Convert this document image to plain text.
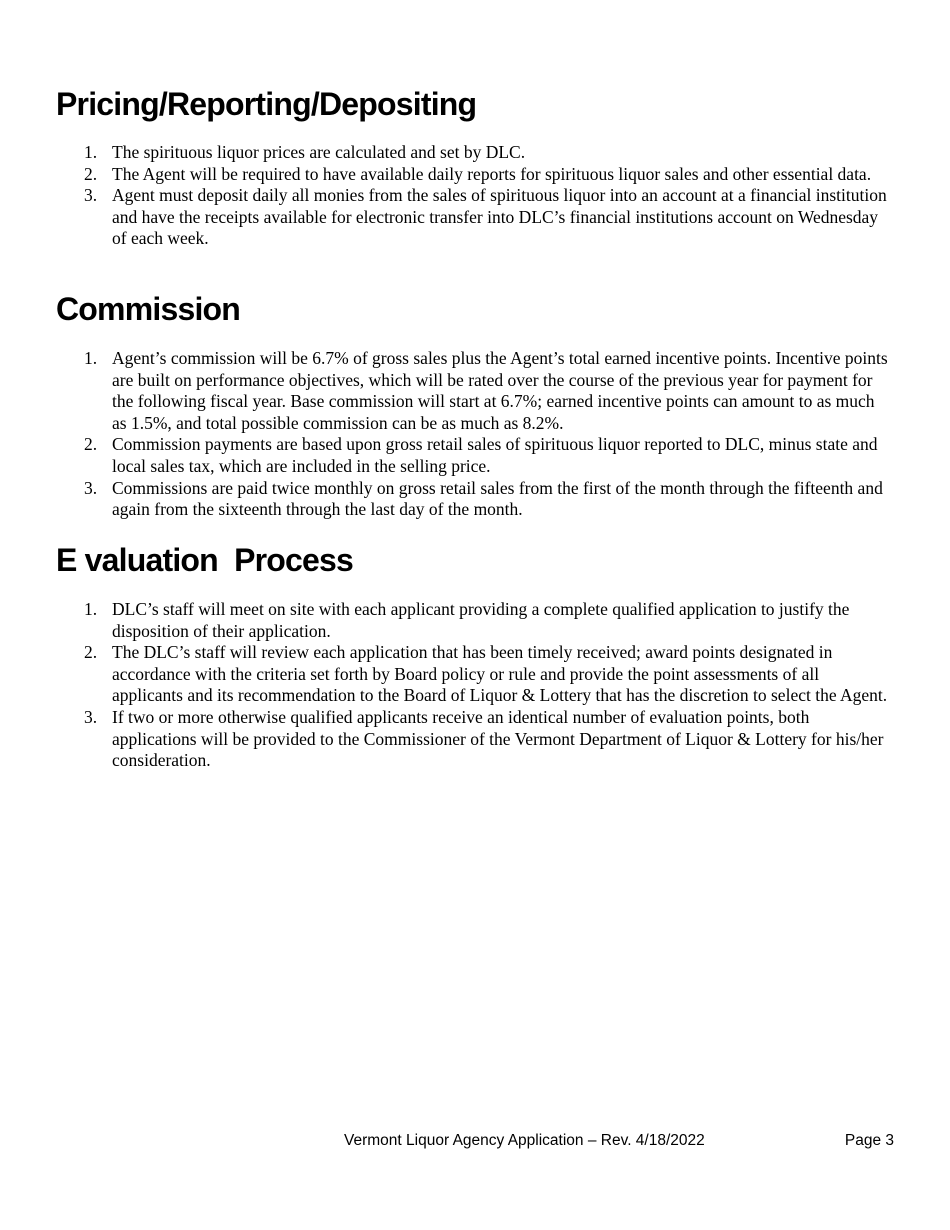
Pricing/Reporting/Depositing
1. The spirituous liquor prices are calculated and set by DLC.
2. The Agent will be required to have available daily reports for spirituous liquor sales and other essential data.
3. Agent must deposit daily all monies from the sales of spirituous liquor into an account at a financial institution and have the receipts available for electronic transfer into DLC’s financial institutions account on Wednesday of each week.
Commission
1. Agent’s commission will be 6.7% of gross sales plus the Agent’s total earned incentive points. Incentive points are built on performance objectives, which will be rated over the course of the previous year for payment for the following fiscal year. Base commission will start at 6.7%; earned incentive points can amount to as much as 1.5%, and total possible commission can be as much as 8.2%.
2. Commission payments are based upon gross retail sales of spirituous liquor reported to DLC, minus state and local sales tax, which are included in the selling price.
3. Commissions are paid twice monthly on gross retail sales from the first of the month through the fifteenth and again from the sixteenth through the last day of the month.
E valuation  Process
1. DLC’s staff will meet on site with each applicant providing a complete qualified application to justify the disposition of their application.
2. The DLC’s staff will review each application that has been timely received; award points designated in accordance with the criteria set forth by Board policy or rule and provide the point assessments of all applicants and its recommendation to the Board of Liquor & Lottery that has the discretion to select the Agent.
3. If two or more otherwise qualified applicants receive an identical number of evaluation points, both applications will be provided to the Commissioner of the Vermont Department of Liquor & Lottery for his/her consideration.
Vermont Liquor Agency Application – Rev. 4/18/2022	Page 3
